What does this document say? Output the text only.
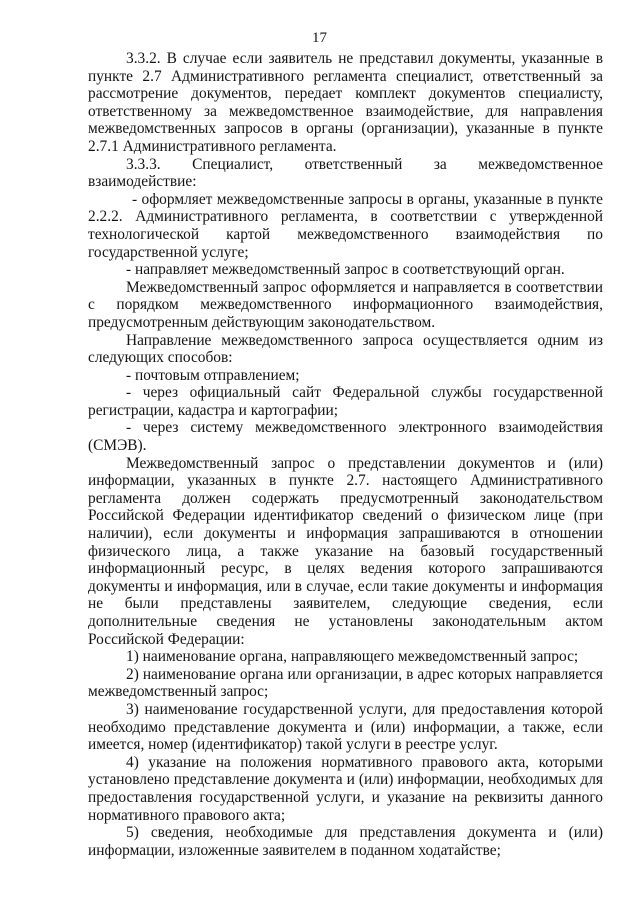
17

3.3.2. В случае если заявитель не представил документы, указанные в пункте 2.7 Административного регламента специалист, ответственный за рассмотрение документов, передает комплект документов специалисту, ответственному за межведомственное взаимодействие, для направления межведомственных запросов в органы (организации), указанные в пункте 2.7.1 Административного регламента.

3.3.3. Специалист, ответственный за межведомственное взаимодействие:

- оформляет межведомственные запросы в органы, указанные в пункте 2.2.2. Административного регламента, в соответствии с утвержденной технологической картой межведомственного взаимодействия по государственной услуге;

- направляет межведомственный запрос в соответствующий орган.

Межведомственный запрос оформляется и направляется в соответствии с порядком межведомственного информационного взаимодействия, предусмотренным действующим законодательством.

Направление межведомственного запроса осуществляется одним из следующих способов:

- почтовым отправлением;

- через официальный сайт Федеральной службы государственной регистрации, кадастра и картографии;

- через систему межведомственного электронного взаимодействия (СМЭВ).

Межведомственный запрос о представлении документов и (или) информации, указанных в пункте 2.7. настоящего Административного регламента должен содержать предусмотренный законодательством Российской Федерации идентификатор сведений о физическом лице (при наличии), если документы и информация запрашиваются в отношении физического лица, а также указание на базовый государственный информационный ресурс, в целях ведения которого запрашиваются документы и информация, или в случае, если такие документы и информация не были представлены заявителем, следующие сведения, если дополнительные сведения не установлены законодательным актом Российской Федерации:

1) наименование органа, направляющего межведомственный запрос;

2) наименование органа или организации, в адрес которых направляется межведомственный запрос;

3) наименование государственной услуги, для предоставления которой необходимо представление документа и (или) информации, а также, если имеется, номер (идентификатор) такой услуги в реестре услуг.

4) указание на положения нормативного правового акта, которыми установлено представление документа и (или) информации, необходимых для предоставления государственной услуги, и указание на реквизиты данного нормативного правового акта;

5) сведения, необходимые для представления документа и (или) информации, изложенные заявителем в поданном ходатайстве;
